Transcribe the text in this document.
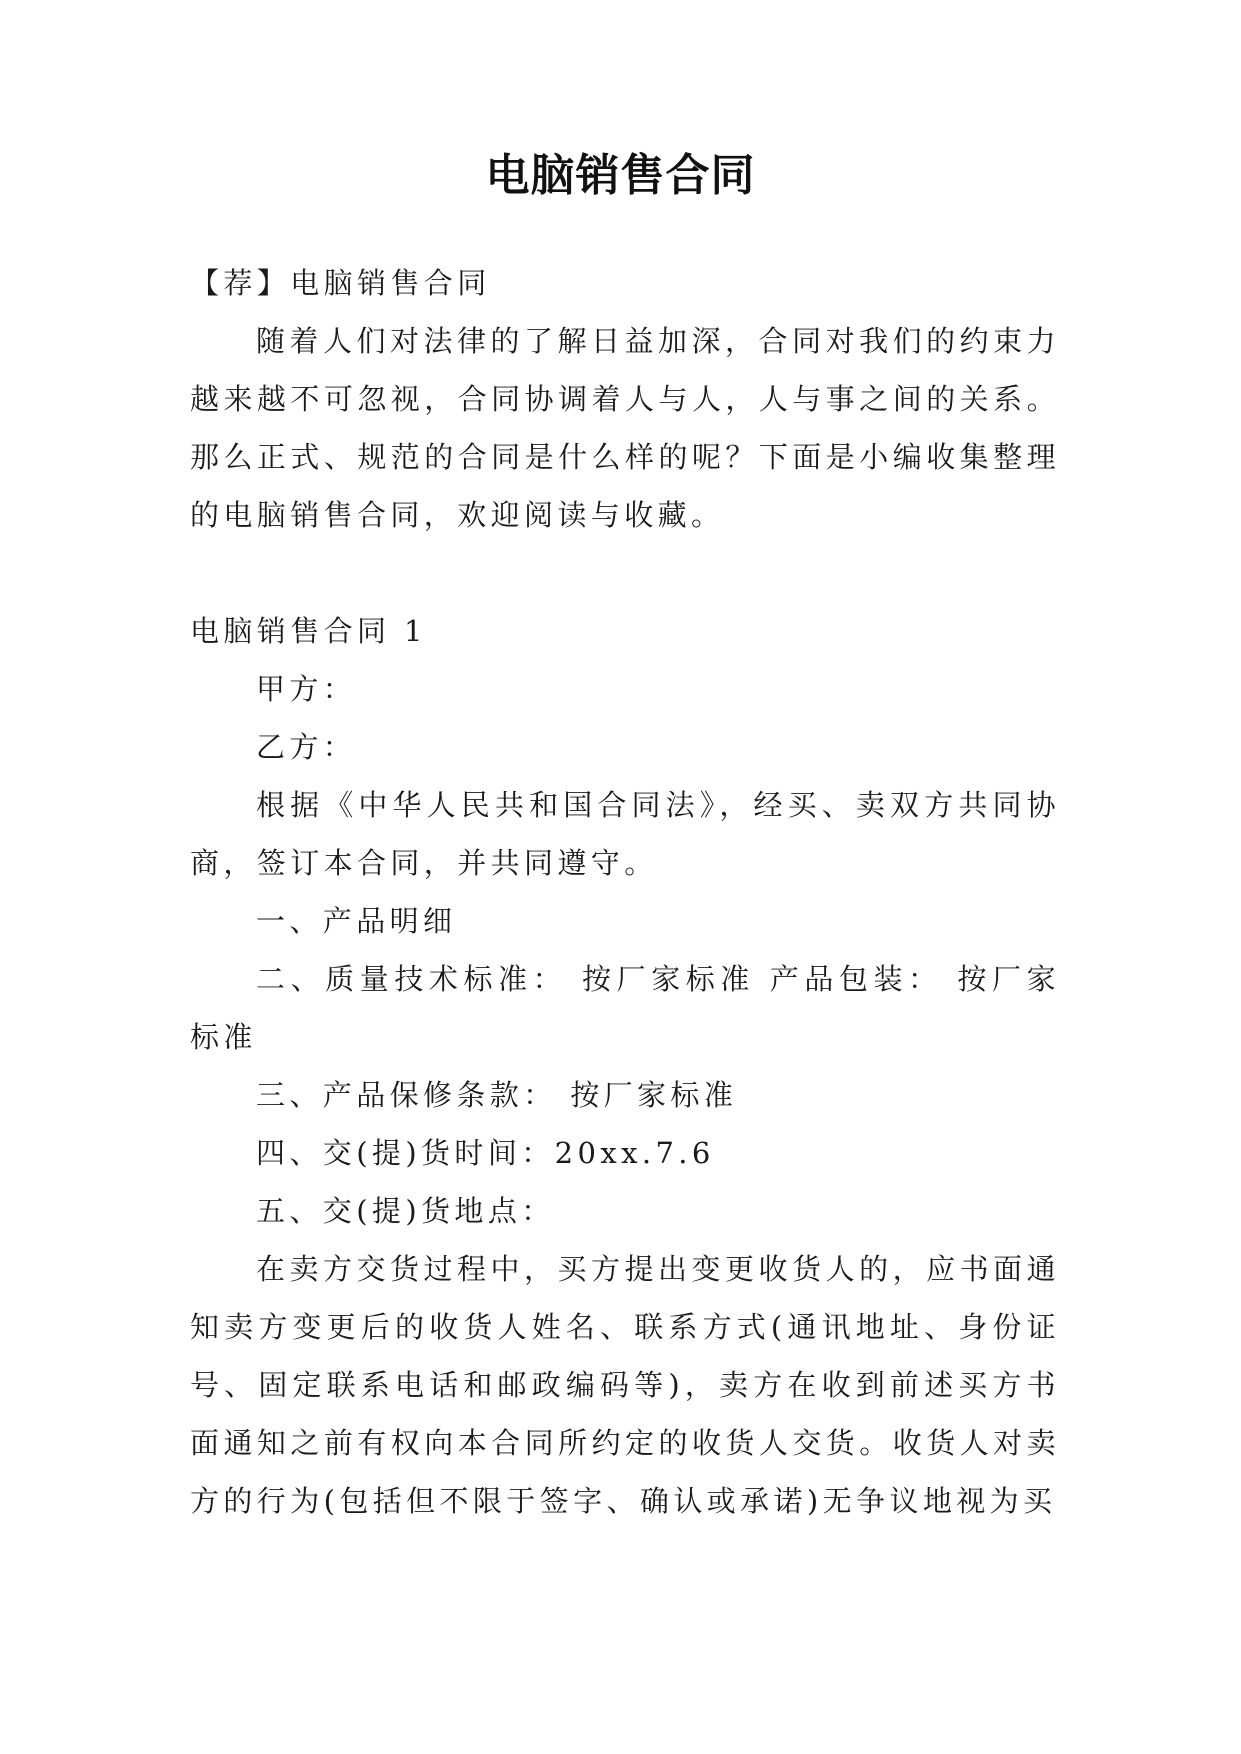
电脑销售合同

【荐】电脑销售合同

随着人们对法律的了解日益加深，合同对我们的约束力越来越不可忽视，合同协调着人与人，人与事之间的关系。那么正式、规范的合同是什么样的呢？下面是小编收集整理的电脑销售合同，欢迎阅读与收藏。

电脑销售合同 1

甲方：

乙方：

根据《中华人民共和国合同法》，经买、卖双方共同协商，签订本合同，并共同遵守。

一、产品明细

二、质量技术标准： 按厂家标准 产品包装： 按厂家标准

三、产品保修条款： 按厂家标准

四、交(提)货时间：20xx.7.6

五、交(提)货地点：

在卖方交货过程中，买方提出变更收货人的，应书面通知卖方变更后的收货人姓名、联系方式(通讯地址、身份证号、固定联系电话和邮政编码等)，卖方在收到前述买方书面通知之前有权向本合同所约定的收货人交货。收货人对卖方的行为(包括但不限于签字、确认或承诺)无争议地视为买
